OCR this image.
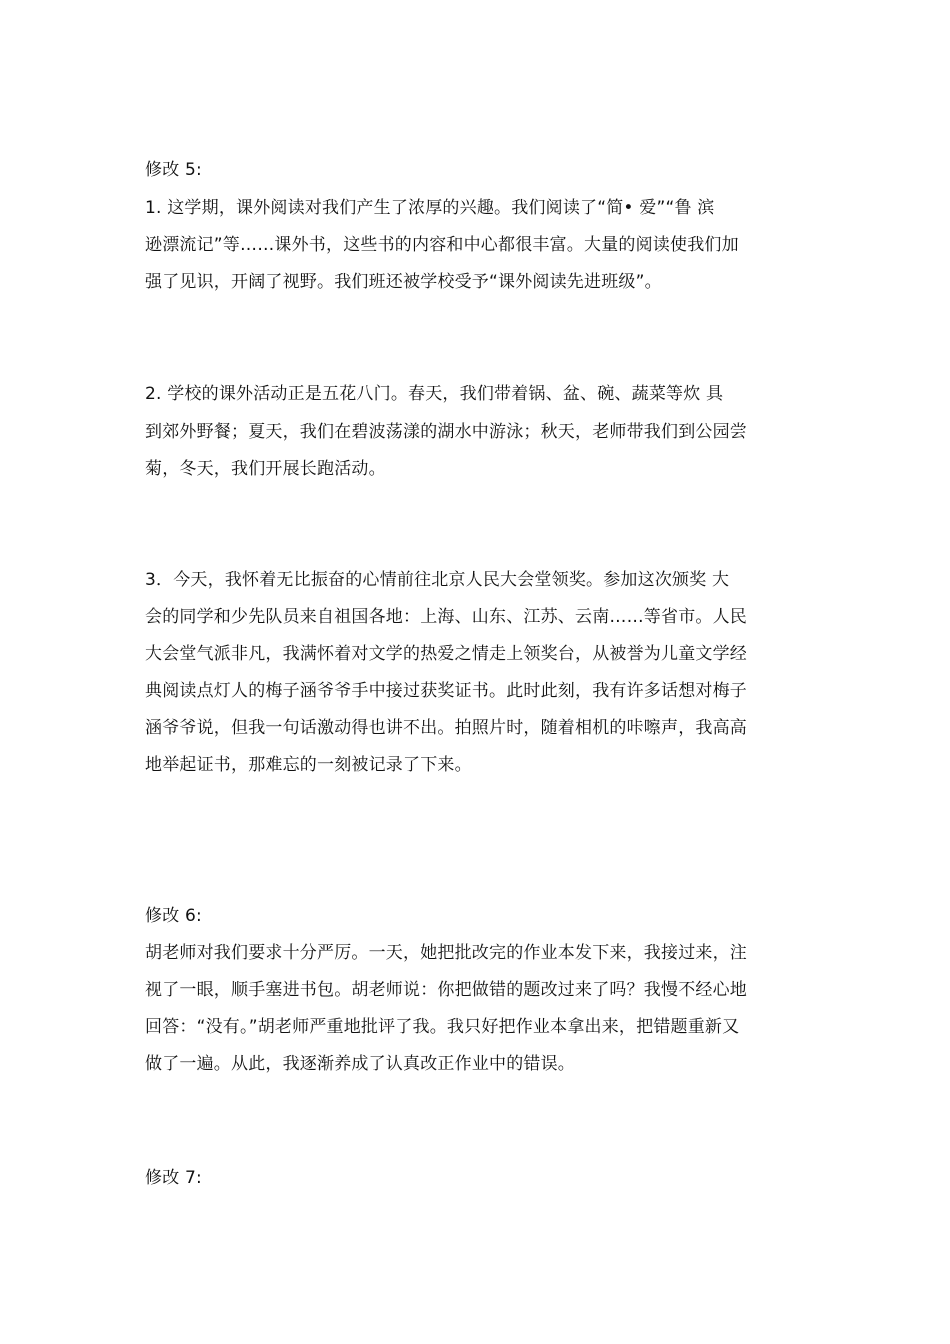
修改 5:
1. 这学期，课外阅读对我们产生了浓厚的兴趣。我们阅读了“简• 爱”“鲁 滨
逊漂流记”等……课外书，这些书的内容和中心都很丰富。大量的阅读使我们加
强了见识，开阔了视野。我们班还被学校受予“课外阅读先进班级”。
2. 学校的课外活动正是五花八门。春天，我们带着锅、盆、碗、蔬菜等炊 具
到郊外野餐；夏天，我们在碧波荡漾的湖水中游泳；秋天，老师带我们到公园尝
菊，冬天，我们开展长跑活动。
3．今天，我怀着无比振奋的心情前往北京人民大会堂领奖。参加这次颁奖 大
会的同学和少先队员来自祖国各地：上海、山东、江苏、云南……等省市。人民
大会堂气派非凡，我满怀着对文学的热爱之情走上领奖台，从被誉为儿童文学经
典阅读点灯人的梅子涵爷爷手中接过获奖证书。此时此刻，我有许多话想对梅子
涵爷爷说，但我一句话激动得也讲不出。拍照片时，随着相机的咔嚓声，我高高
地举起证书，那难忘的一刻被记录了下来。
修改 6:
胡老师对我们要求十分严厉。一天，她把批改完的作业本发下来，我接过来，注
视了一眼，顺手塞进书包。胡老师说：你把做错的题改过来了吗？我慢不经心地
回答：“没有。”胡老师严重地批评了我。我只好把作业本拿出来，把错题重新又
做了一遍。从此，我逐渐养成了认真改正作业中的错误。
修改 7:
